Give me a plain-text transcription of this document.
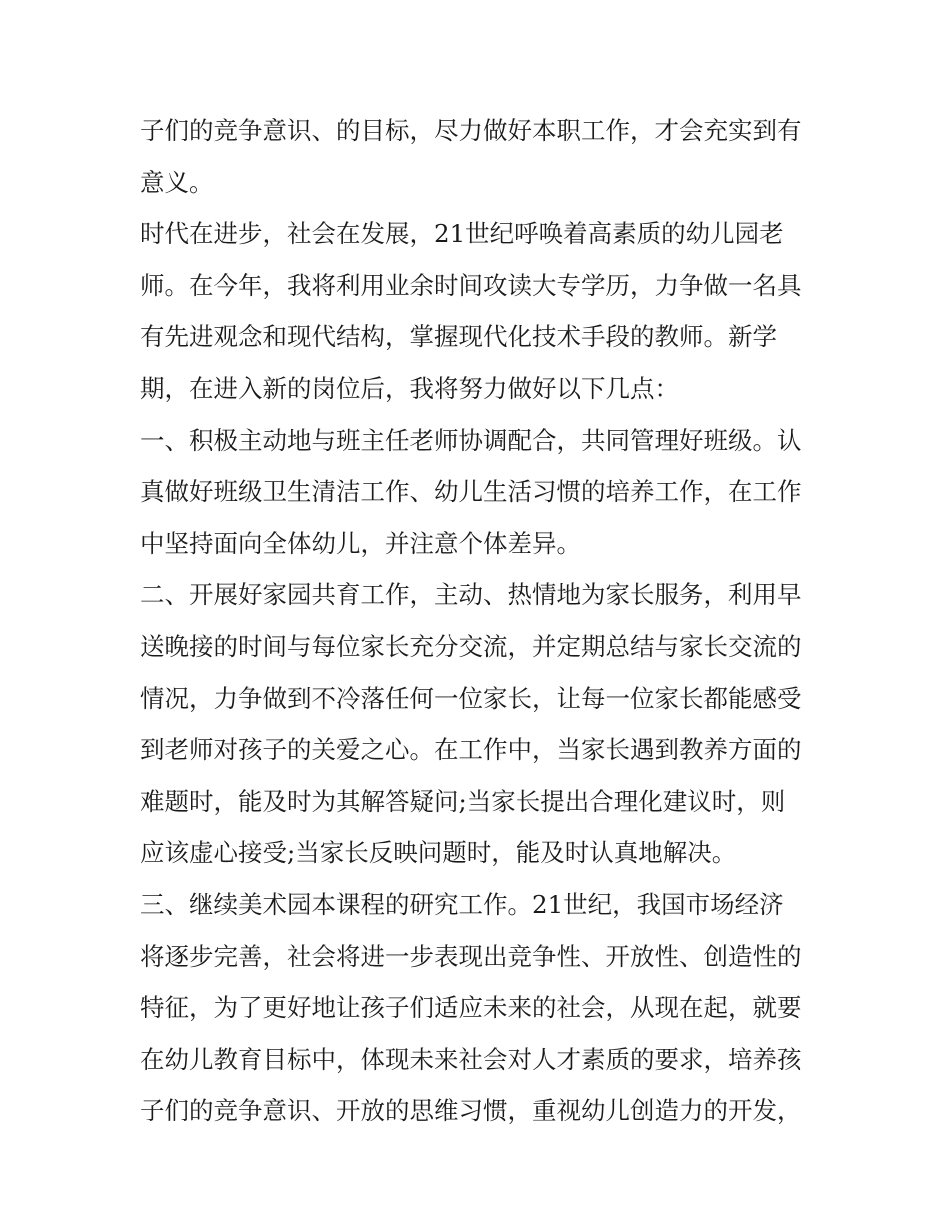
子们的竞争意识、的目标，尽力做好本职工作，才会充实到有
意义。
时代在进步，社会在发展，21世纪呼唤着高素质的幼儿园老
师。在今年，我将利用业余时间攻读大专学历，力争做一名具
有先进观念和现代结构，掌握现代化技术手段的教师。新学
期，在进入新的岗位后，我将努力做好以下几点：
一、积极主动地与班主任老师协调配合，共同管理好班级。认
真做好班级卫生清洁工作、幼儿生活习惯的培养工作，在工作
中坚持面向全体幼儿，并注意个体差异。
二、开展好家园共育工作，主动、热情地为家长服务，利用早
送晚接的时间与每位家长充分交流，并定期总结与家长交流的
情况，力争做到不冷落任何一位家长，让每一位家长都能感受
到老师对孩子的关爱之心。在工作中，当家长遇到教养方面的
难题时，能及时为其解答疑问;当家长提出合理化建议时，则
应该虚心接受;当家长反映问题时，能及时认真地解决。
三、继续美术园本课程的研究工作。21世纪，我国市场经济
将逐步完善，社会将进一步表现出竞争性、开放性、创造性的
特征，为了更好地让孩子们适应未来的社会，从现在起，就要
在幼儿教育目标中，体现未来社会对人才素质的要求，培养孩
子们的竞争意识、开放的思维习惯，重视幼儿创造力的开发，
